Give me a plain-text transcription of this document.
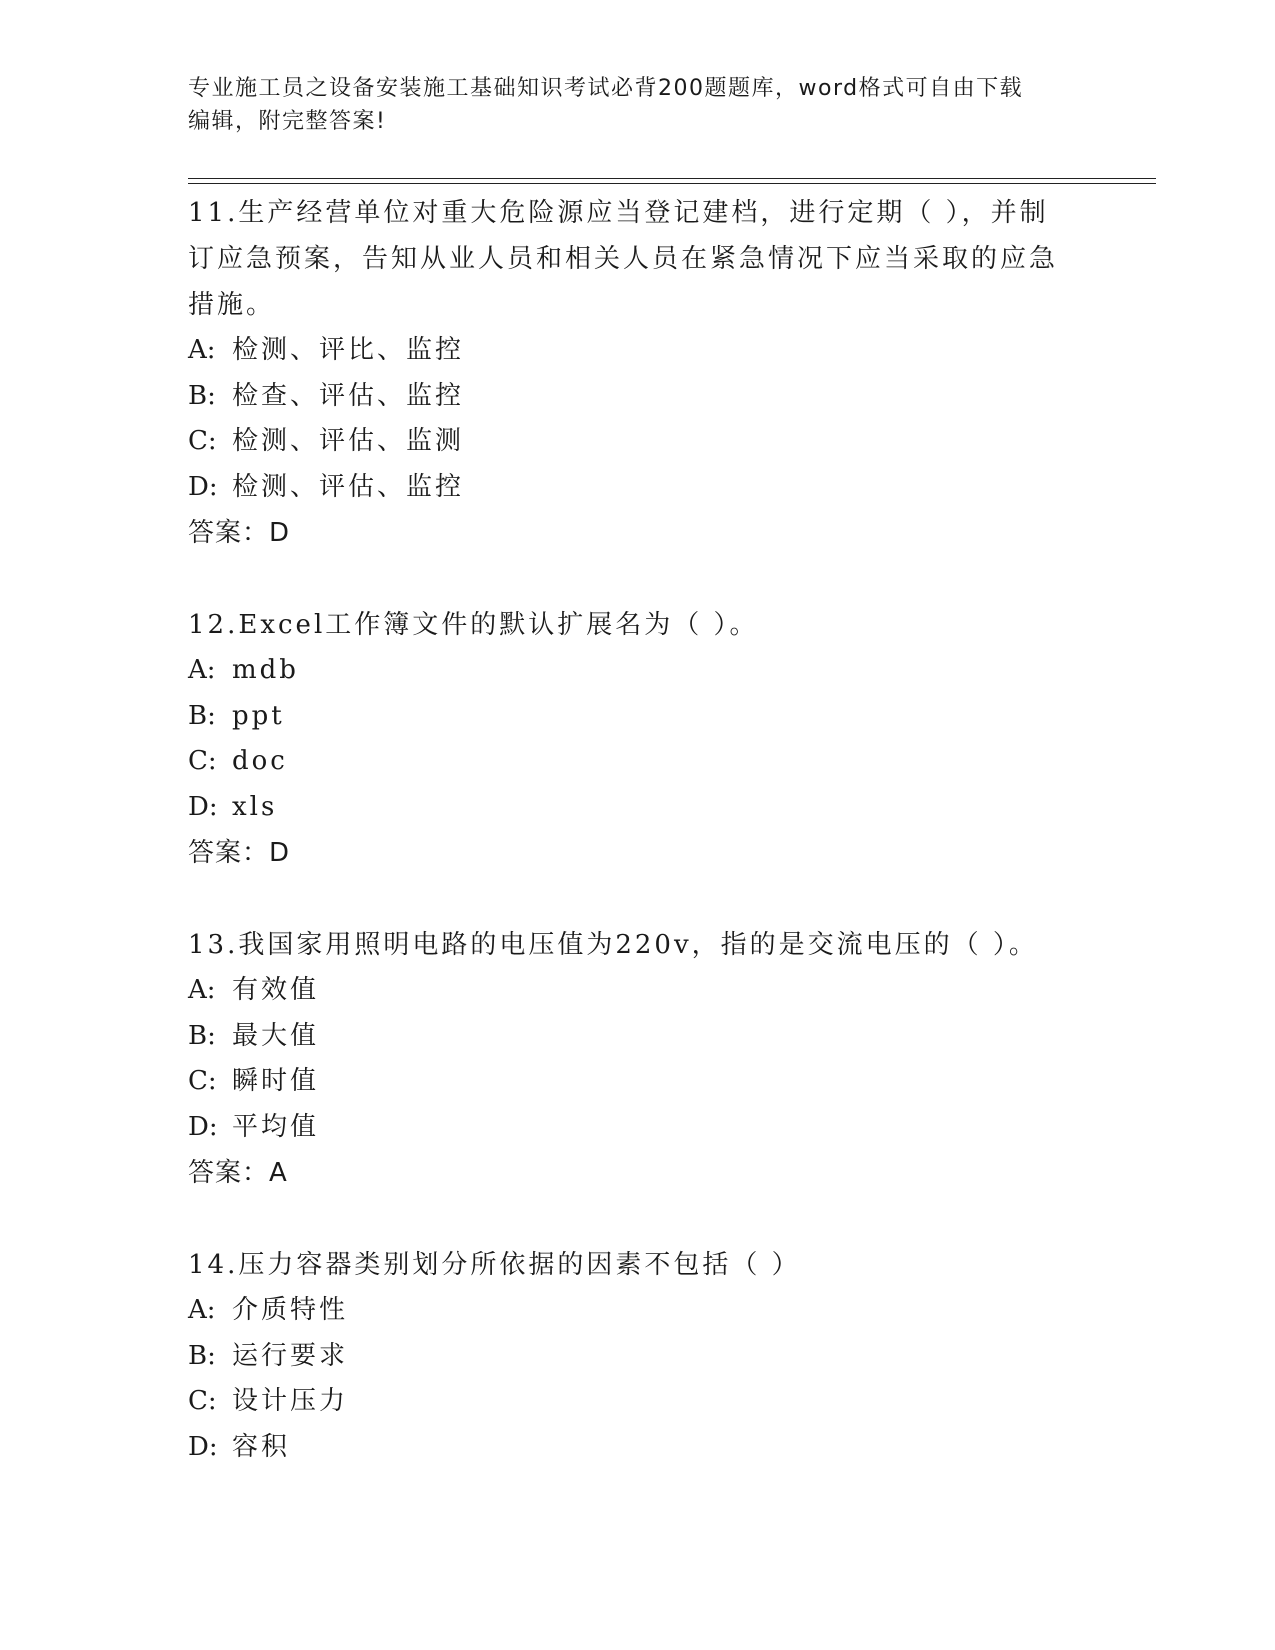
专业施工员之设备安装施工基础知识考试必背200题题库，word格式可自由下载
编辑，附完整答案!

11.生产经营单位对重大危险源应当登记建档，进行定期（ ），并制

订应急预案，告知从业人员和相关人员在紧急情况下应当采取的应急

措施。

A: 检测、评比、监控

B: 检查、评估、监控

C: 检测、评估、监测

D: 检测、评估、监控

答案：D

12.Excel工作簿文件的默认扩展名为（ ）。

A: mdb

B: ppt

C: doc

D: xls

答案：D

13.我国家用照明电路的电压值为220v，指的是交流电压的（ ）。

A: 有效值

B: 最大值

C: 瞬时值

D: 平均值

答案：A

14.压力容器类别划分所依据的因素不包括（ ）

A: 介质特性

B: 运行要求

C: 设计压力

D: 容积
